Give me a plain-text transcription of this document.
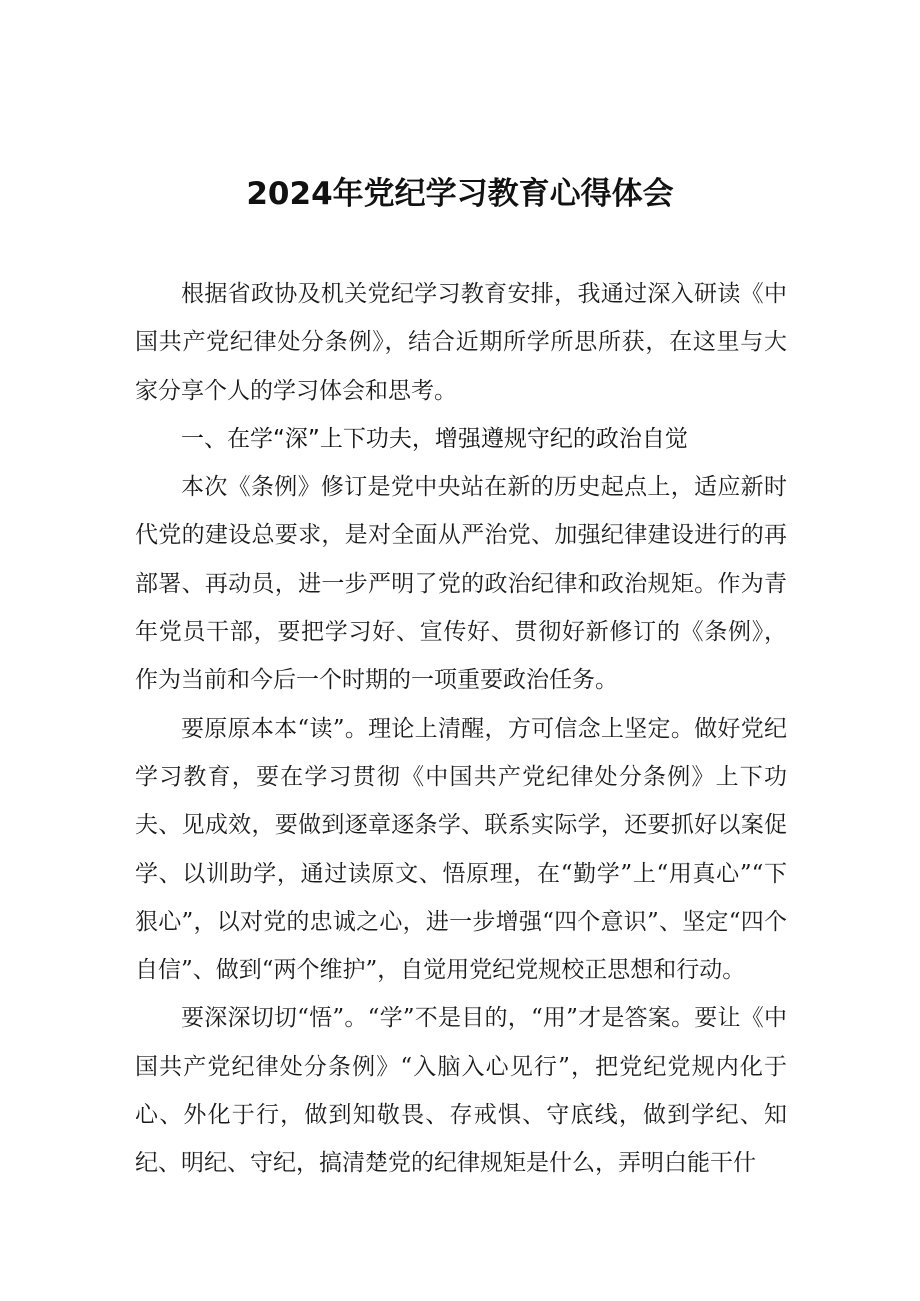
2024年党纪学习教育心得体会

根据省政协及机关党纪学习教育安排，我通过深入研读《中国共产党纪律处分条例》，结合近期所学所思所获，在这里与大家分享个人的学习体会和思考。

一、在学“深”上下功夫，增强遵规守纪的政治自觉

本次《条例》修订是党中央站在新的历史起点上，适应新时代党的建设总要求，是对全面从严治党、加强纪律建设进行的再部署、再动员，进一步严明了党的政治纪律和政治规矩。作为青年党员干部，要把学习好、宣传好、贯彻好新修订的《条例》，作为当前和今后一个时期的一项重要政治任务。

要原原本本“读”。理论上清醒，方可信念上坚定。做好党纪学习教育，要在学习贯彻《中国共产党纪律处分条例》上下功夫、见成效，要做到逐章逐条学、联系实际学，还要抓好以案促学、以训助学，通过读原文、悟原理，在“勤学”上“用真心”“下狠心”，以对党的忠诚之心，进一步增强“四个意识”、坚定“四个自信”、做到“两个维护”，自觉用党纪党规校正思想和行动。

要深深切切“悟”。“学”不是目的，“用”才是答案。要让《中国共产党纪律处分条例》“入脑入心见行”，把党纪党规内化于心、外化于行，做到知敬畏、存戒惧、守底线，做到学纪、知纪、明纪、守纪，搞清楚党的纪律规矩是什么，弄明白能干什
